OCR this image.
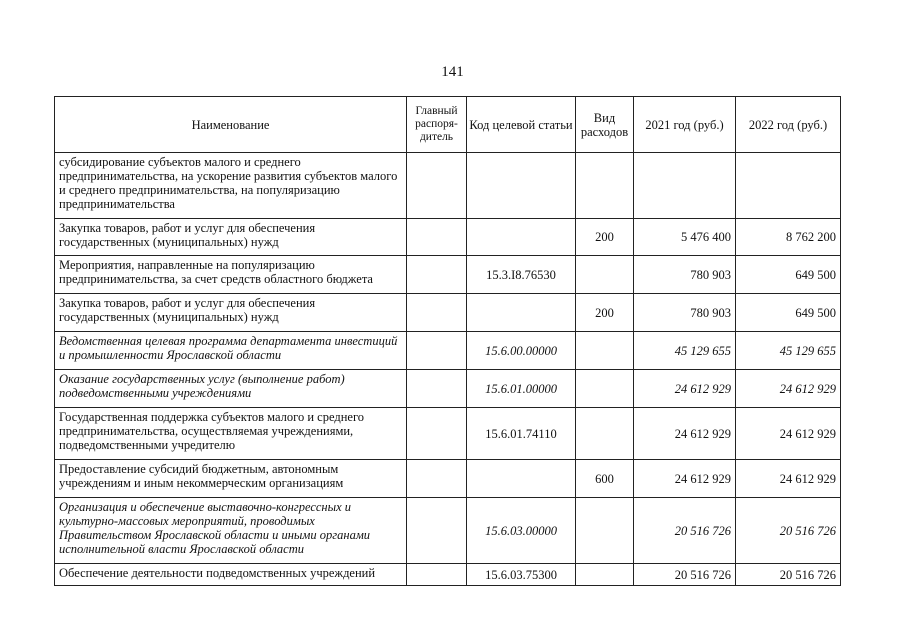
141
Наименование	Главный распоря-дитель	Код целевой статьи	Вид расходов	2021 год (руб.)	2022 год (руб.)
субсидирование субъектов малого и среднего предпринимательства, на ускорение развития субъектов малого и среднего предпринимательства, на популяризацию предпринимательства					
Закупка товаров, работ и услуг для обеспечения государственных (муниципальных) нужд			200	5 476 400	8 762 200
Мероприятия, направленные на популяризацию предпринимательства, за счет средств областного бюджета		15.3.I8.76530		780 903	649 500
Закупка товаров, работ и услуг для обеспечения государственных (муниципальных) нужд			200	780 903	649 500
Ведомственная целевая программа департамента инвестиций и промышленности Ярославской области		15.6.00.00000		45 129 655	45 129 655
Оказание государственных услуг (выполнение работ) подведомственными учреждениями		15.6.01.00000		24 612 929	24 612 929
Государственная поддержка субъектов малого и среднего предпринимательства, осуществляемая учреждениями, подведомственными учредителю		15.6.01.74110		24 612 929	24 612 929
Предоставление субсидий бюджетным, автономным учреждениям и иным некоммерческим организациям			600	24 612 929	24 612 929
Организация и обеспечение выставочно-конгрессных и культурно-массовых мероприятий, проводимых Правительством Ярославской области и иными органами исполнительной власти Ярославской области		15.6.03.00000		20 516 726	20 516 726
Обеспечение деятельности подведомственных учреждений		15.6.03.75300		20 516 726	20 516 726
